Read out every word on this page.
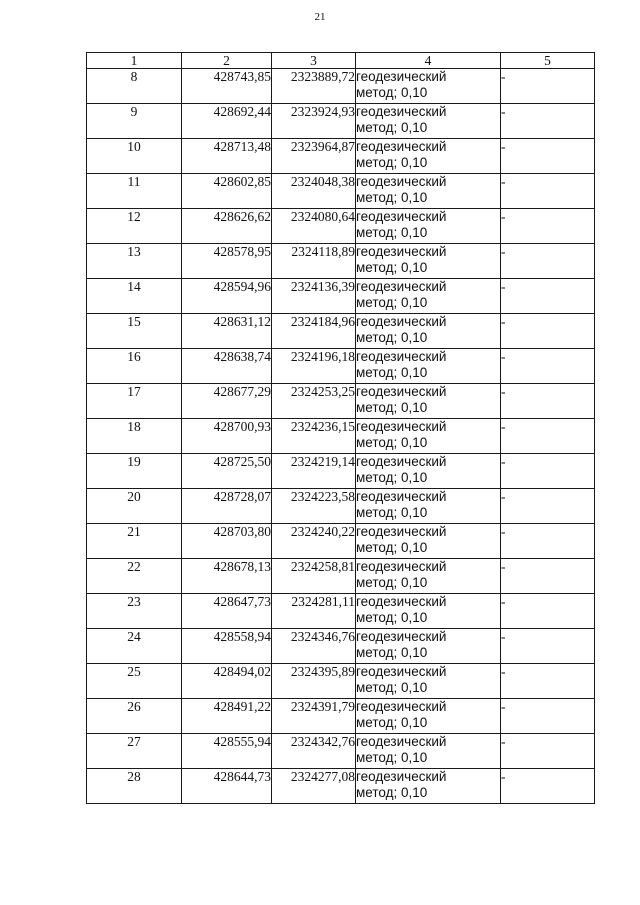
21
1	2	3	4	5
8	428743,85	2323889,72	геодезический
метод; 0,10	-
9	428692,44	2323924,93	геодезический
метод; 0,10	-
10	428713,48	2323964,87	геодезический
метод; 0,10	-
11	428602,85	2324048,38	геодезический
метод; 0,10	-
12	428626,62	2324080,64	геодезический
метод; 0,10	-
13	428578,95	2324118,89	геодезический
метод; 0,10	-
14	428594,96	2324136,39	геодезический
метод; 0,10	-
15	428631,12	2324184,96	геодезический
метод; 0,10	-
16	428638,74	2324196,18	геодезический
метод; 0,10	-
17	428677,29	2324253,25	геодезический
метод; 0,10	-
18	428700,93	2324236,15	геодезический
метод; 0,10	-
19	428725,50	2324219,14	геодезический
метод; 0,10	-
20	428728,07	2324223,58	геодезический
метод; 0,10	-
21	428703,80	2324240,22	геодезический
метод; 0,10	-
22	428678,13	2324258,81	геодезический
метод; 0,10	-
23	428647,73	2324281,11	геодезический
метод; 0,10	-
24	428558,94	2324346,76	геодезический
метод; 0,10	-
25	428494,02	2324395,89	геодезический
метод; 0,10	-
26	428491,22	2324391,79	геодезический
метод; 0,10	-
27	428555,94	2324342,76	геодезический
метод; 0,10	-
28	428644,73	2324277,08	геодезический
метод; 0,10	-
